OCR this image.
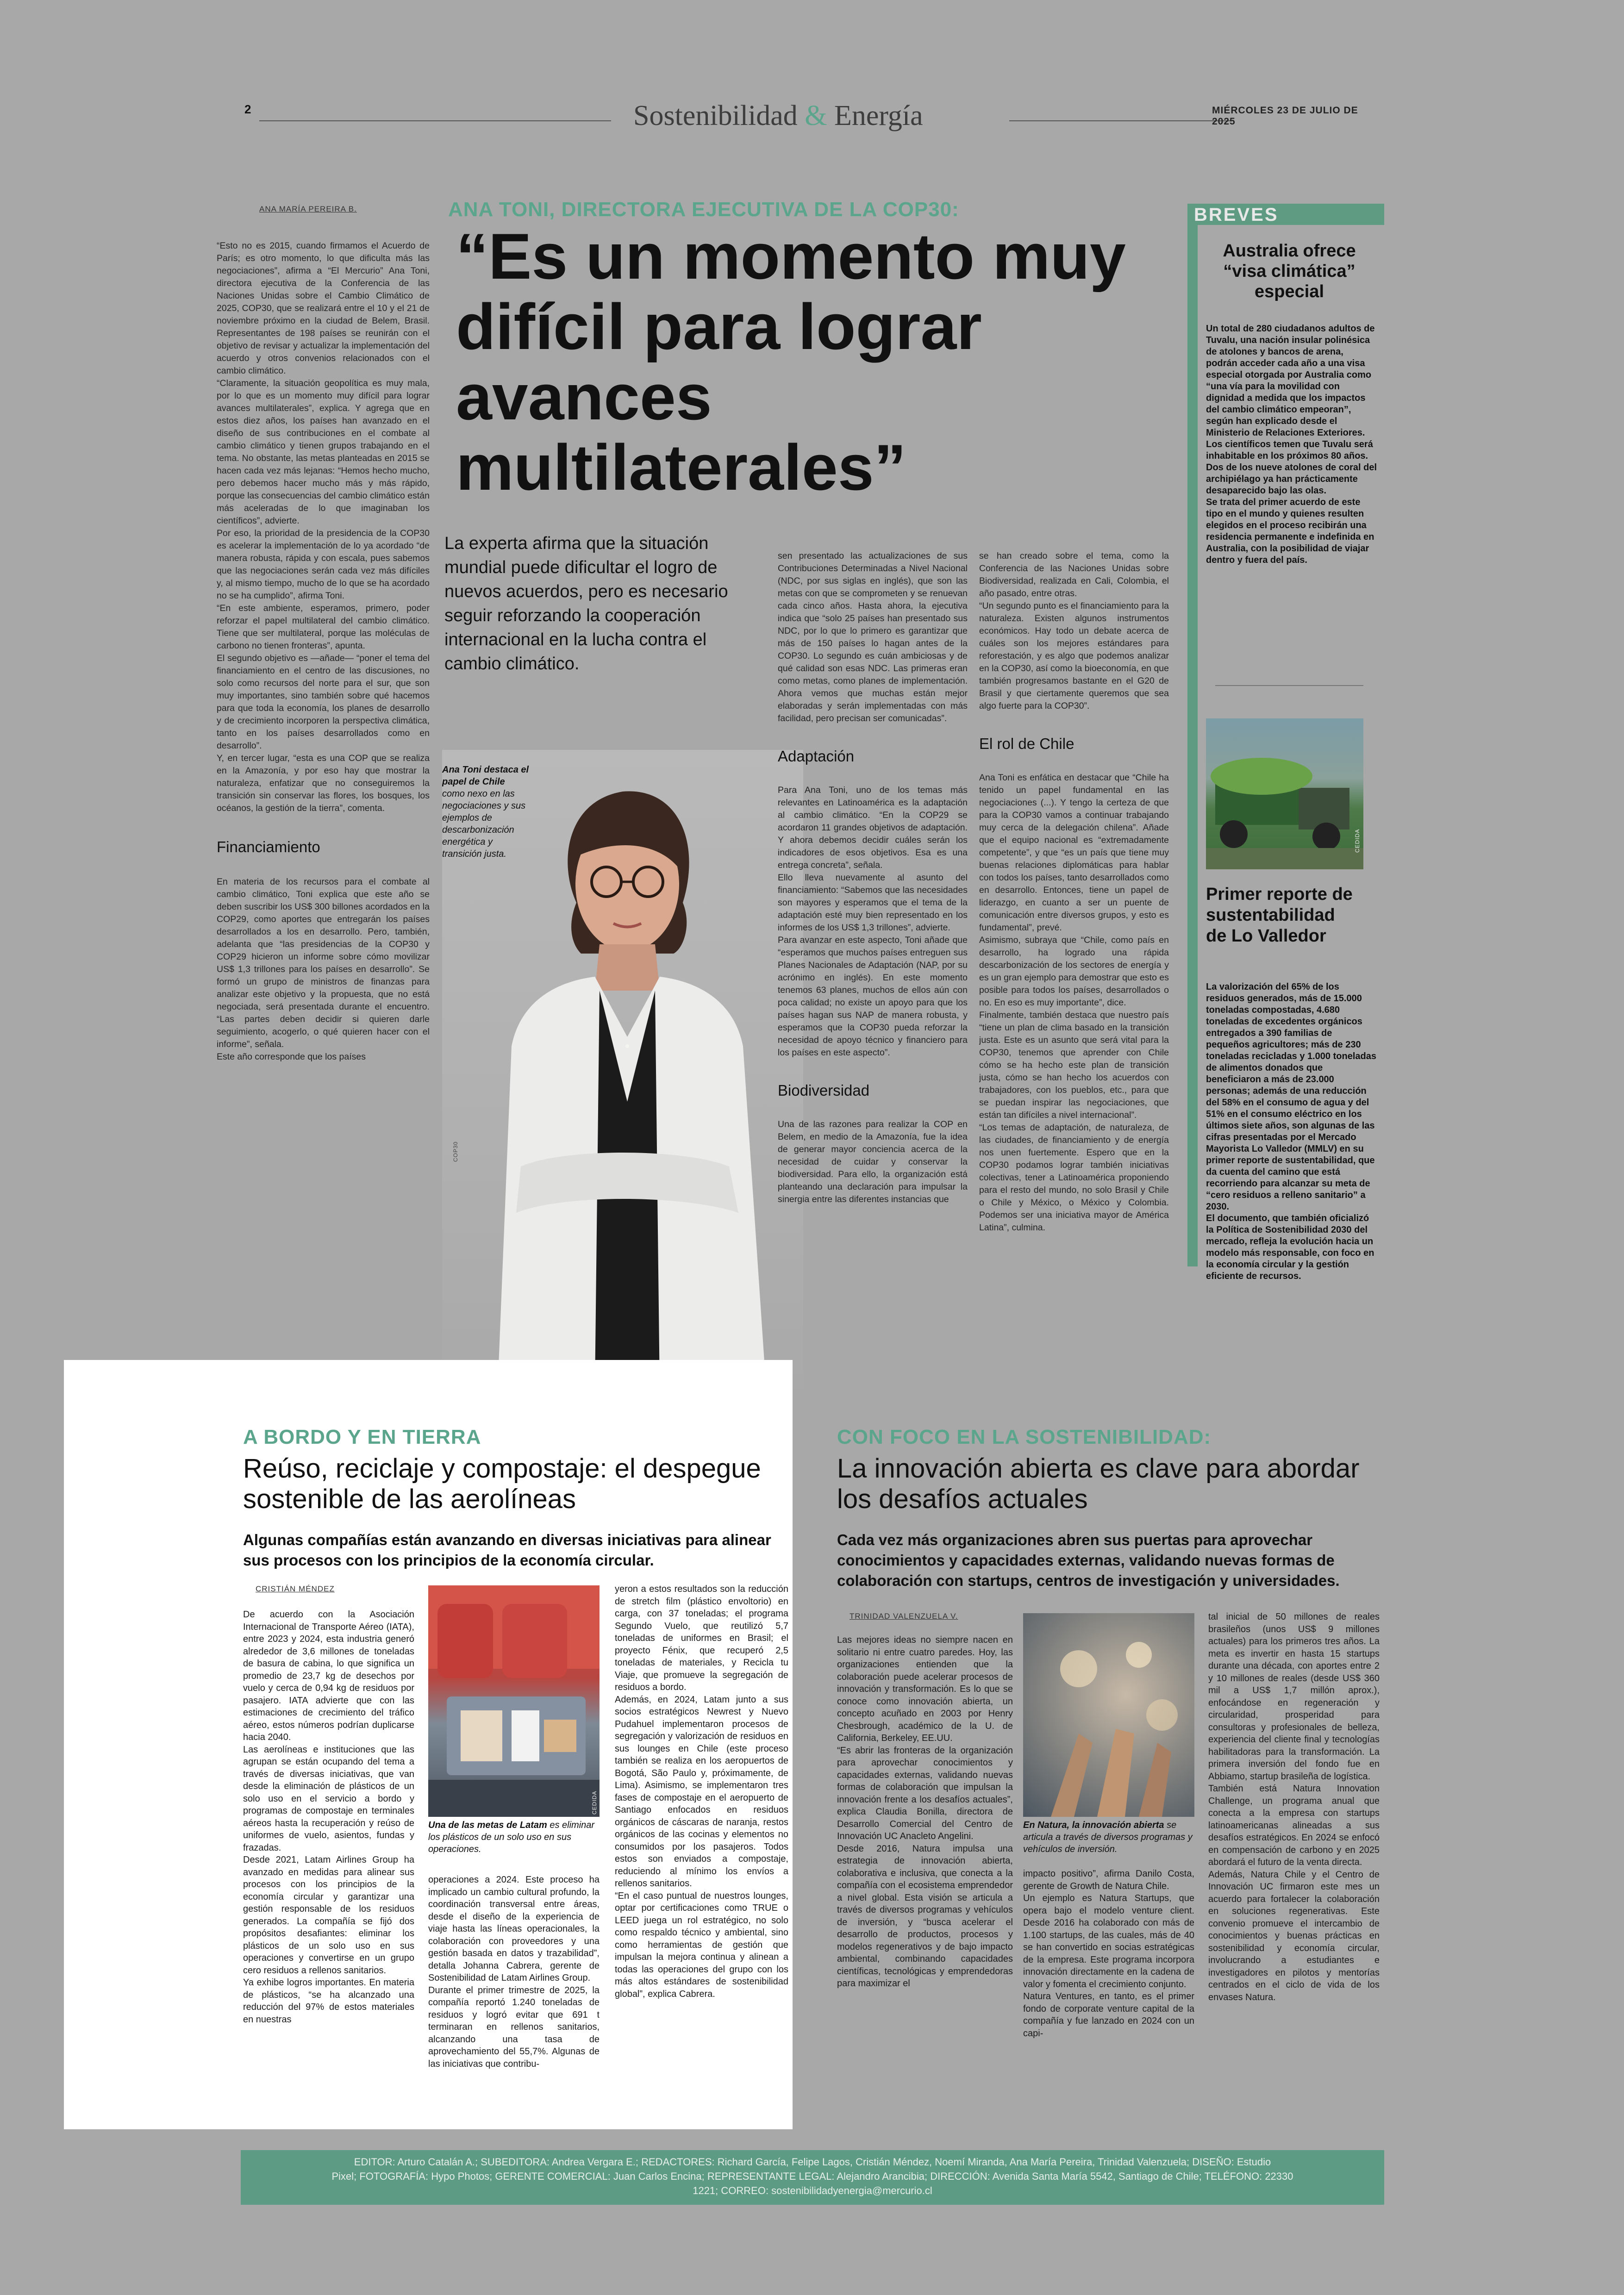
2	Sostenibilidad & Energía	MIÉRCOLES 23 DE JULIO DE 2025
ANA MARÍA PEREIRA B.	ANA TONI, DIRECTORA EJECUTIVA DE LA COP30:
“Es un momento muy difícil para lograr avances multilaterales”

“Esto no es 2015, cuando firmamos el Acuerdo de París; es otro momento, lo que dificulta más las negociaciones”, afirma a “El Mercurio” Ana Toni, directora ejecutiva de la Conferencia de las Naciones Unidas sobre el Cambio Climático de 2025, COP30, que se realizará entre el 10 y el 21 de noviembre próximo en la ciudad de Belem, Brasil. Representantes de 198 países se reunirán con el objetivo de revisar y actualizar la implementación del acuerdo y otros convenios relacionados con el cambio climático.
“Claramente, la situación geopolítica es muy mala, por lo que es un momento muy difícil para lograr avances multilaterales”, explica. Y agrega que en estos diez años, los países han avanzado en el diseño de sus contribuciones en el combate al cambio climático y tienen grupos trabajando en el tema. No obstante, las metas planteadas en 2015 se hacen cada vez más lejanas: “Hemos hecho mucho, pero debemos hacer mucho más y más rápido, porque las consecuencias del cambio climático están más aceleradas de lo que imaginaban los científicos”, advierte.
Por eso, la prioridad de la presidencia de la COP30 es acelerar la implementación de lo ya acordado “de manera robusta, rápida y con escala, pues sabemos que las negociaciones serán cada vez más difíciles y, al mismo tiempo, mucho de lo que se ha acordado no se ha cumplido”, afirma Toni.
“En este ambiente, esperamos, primero, poder reforzar el papel multilateral del cambio climático. Tiene que ser multilateral, porque las moléculas de carbono no tienen fronteras”, apunta.
El segundo objetivo es —añade— “poner el tema del financiamiento en el centro de las discusiones, no solo como recursos del norte para el sur, que son muy importantes, sino también sobre qué hacemos para que toda la economía, los planes de desarrollo y de crecimiento incorporen la perspectiva climática, tanto en los países desarrollados como en desarrollo”.
Y, en tercer lugar, “esta es una COP que se realiza en la Amazonía, y por eso hay que mostrar la naturaleza, enfatizar que no conseguiremos la transición sin conservar las flores, los bosques, los océanos, la gestión de la tierra”, comenta.

Financiamiento

En materia de los recursos para el combate al cambio climático, Toni explica que este año se deben suscribir los US$ 300 billones acordados en la COP29, como aportes que entregarán los países desarrollados a los en desarrollo. Pero, también, adelanta que “las presidencias de la COP30 y COP29 hicieron un informe sobre cómo movilizar US$ 1,3 trillones para los países en desarrollo”. Se formó un grupo de ministros de finanzas para analizar este objetivo y la propuesta, que no está negociada, será presentada durante el encuentro. “Las partes deben decidir si quieren darle seguimiento, acogerlo, o qué quieren hacer con el informe”, señala.
Este año corresponde que los países

La experta afirma que la situación mundial puede dificultar el logro de nuevos acuerdos, pero es necesario seguir reforzando la cooperación internacional en la lucha contra el cambio climático.
Ana Toni destaca el papel de Chile como nexo en las negociaciones y sus ejemplos de descarbonización energética y transición justa.
COP30

sen presentado las actualizaciones de sus Contribuciones Determinadas a Nivel Nacional (NDC, por sus siglas en inglés), que son las metas con que se comprometen y se renuevan cada cinco años. Hasta ahora, la ejecutiva indica que “solo 25 países han presentado sus NDC, por lo que lo primero es garantizar que más de 150 países lo hagan antes de la COP30. Lo segundo es cuán ambiciosas y de qué calidad son esas NDC. Las primeras eran como metas, como planes de implementación. Ahora vemos que muchas están mejor elaboradas y serán implementadas con más facilidad, pero precisan ser comunicadas”.

Adaptación

Para Ana Toni, uno de los temas más relevantes en Latinoamérica es la adaptación al cambio climático. “En la COP29 se acordaron 11 grandes objetivos de adaptación. Y ahora debemos decidir cuáles serán los indicadores de esos objetivos. Esa es una entrega concreta”, señala.
Ello lleva nuevamente al asunto del financiamiento: “Sabemos que las necesidades son mayores y esperamos que el tema de la adaptación esté muy bien representado en los informes de los US$ 1,3 trillones”, advierte.
Para avanzar en este aspecto, Toni añade que “esperamos que muchos países entreguen sus Planes Nacionales de Adaptación (NAP, por su acrónimo en inglés). En este momento tenemos 63 planes, muchos de ellos aún con poca calidad; no existe un apoyo para que los países hagan sus NAP de manera robusta, y esperamos que la COP30 pueda reforzar la necesidad de apoyo técnico y financiero para los países en este aspecto”.

Biodiversidad

Una de las razones para realizar la COP en Belem, en medio de la Amazonía, fue la idea de generar mayor conciencia acerca de la necesidad de cuidar y conservar la biodiversidad. Para ello, la organización está planteando una declaración para impulsar la sinergia entre las diferentes instancias que

se han creado sobre el tema, como la Conferencia de las Naciones Unidas sobre Biodiversidad, realizada en Cali, Colombia, el año pasado, entre otras.
“Un segundo punto es el financiamiento para la naturaleza. Existen algunos instrumentos económicos. Hay todo un debate acerca de cuáles son los mejores estándares para reforestación, y es algo que podemos analizar en la COP30, así como la bioeconomía, en que también progresamos bastante en el G20 de Brasil y que ciertamente queremos que sea algo fuerte para la COP30”.

El rol de Chile

Ana Toni es enfática en destacar que “Chile ha tenido un papel fundamental en las negociaciones (...). Y tengo la certeza de que para la COP30 vamos a continuar trabajando muy cerca de la delegación chilena”. Añade que el equipo nacional es “extremadamente competente”, y que “es un país que tiene muy buenas relaciones diplomáticas para hablar con todos los países, tanto desarrollados como en desarrollo. Entonces, tiene un papel de liderazgo, en cuanto a ser un puente de comunicación entre diversos grupos, y esto es fundamental”, prevé.
Asimismo, subraya que “Chile, como país en desarrollo, ha logrado una rápida descarbonización de los sectores de energía y es un gran ejemplo para demostrar que esto es posible para todos los países, desarrollados o no. En eso es muy importante”, dice.
Finalmente, también destaca que nuestro país “tiene un plan de clima basado en la transición justa. Este es un asunto que será vital para la COP30, tenemos que aprender con Chile cómo se ha hecho este plan de transición justa, cómo se han hecho los acuerdos con trabajadores, con los pueblos, etc., para que se puedan inspirar las negociaciones, que están tan difíciles a nivel internacional”.
“Los temas de adaptación, de naturaleza, de las ciudades, de financiamiento y de energía nos unen fuertemente. Espero que en la COP30 podamos lograr también iniciativas colectivas, tener a Latinoamérica proponiendo para el resto del mundo, no solo Brasil y Chile o Chile y México, o México y Colombia. Podemos ser una iniciativa mayor de América Latina”, culmina.

BREVES
Australia ofrece “visa climática” especial
Un total de 280 ciudadanos adultos de Tuvalu, una nación insular polinésica de atolones y bancos de arena, podrán acceder cada año a una visa especial otorgada por Australia como “una vía para la movilidad con dignidad a medida que los impactos del cambio climático empeoran”, según han explicado desde el Ministerio de Relaciones Exteriores. Los científicos temen que Tuvalu será inhabitable en los próximos 80 años. Dos de los nueve atolones de coral del archipiélago ya han prácticamente desaparecido bajo las olas.
Se trata del primer acuerdo de este tipo en el mundo y quienes resulten elegidos en el proceso recibirán una residencia permanente e indefinida en Australia, con la posibilidad de viajar dentro y fuera del país.
CEDIDA
Primer reporte de sustentabilidad de Lo Valledor
La valorización del 65% de los residuos generados, más de 15.000 toneladas compostadas, 4.680 toneladas de excedentes orgánicos entregados a 390 familias de pequeños agricultores; más de 230 toneladas recicladas y 1.000 toneladas de alimentos donados que beneficiaron a más de 23.000 personas; además de una reducción del 58% en el consumo de agua y del 51% en el consumo eléctrico en los últimos siete años, son algunas de las cifras presentadas por el Mercado Mayorista Lo Valledor (MMLV) en su primer reporte de sustentabilidad, que da cuenta del camino que está recorriendo para alcanzar su meta de “cero residuos a relleno sanitario” a 2030.
El documento, que también oficializó la Política de Sostenibilidad 2030 del mercado, refleja la evolución hacia un modelo más responsable, con foco en la economía circular y la gestión eficiente de recursos.
A BORDO Y EN TIERRA
Reúso, reciclaje y compostaje: el despegue sostenible de las aerolíneas
Algunas compañías están avanzando en diversas iniciativas para alinear sus procesos con los principios de la economía circular.
CRISTIÁN MÉNDEZ
De acuerdo con la Asociación Internacional de Transporte Aéreo (IATA), entre 2023 y 2024, esta industria generó alrededor de 3,6 millones de toneladas de basura de cabina, lo que significa un promedio de 23,7 kg de desechos por vuelo y cerca de 0,94 kg de residuos por pasajero. IATA advierte que con las estimaciones de crecimiento del tráfico aéreo, estos números podrían duplicarse hacia 2040.
Las aerolíneas e instituciones que las agrupan se están ocupando del tema a través de diversas iniciativas, que van desde la eliminación de plásticos de un solo uso en el servicio a bordo y programas de compostaje en terminales aéreos hasta la recuperación y reúso de uniformes de vuelo, asientos, fundas y frazadas.
Desde 2021, Latam Airlines Group ha avanzado en medidas para alinear sus procesos con los principios de la economía circular y garantizar una gestión responsable de los residuos generados. La compañía se fijó dos propósitos desafiantes: eliminar los plásticos de un solo uso en sus operaciones y convertirse en un grupo cero residuos a rellenos sanitarios.
Ya exhibe logros importantes. En materia de plásticos, “se ha alcanzado una reducción del 97% de estos materiales en nuestras
CEDIDA
Una de las metas de Latam es eliminar los plásticos de un solo uso en sus operaciones.
operaciones a 2024. Este proceso ha implicado un cambio cultural profundo, la coordinación transversal entre áreas, desde el diseño de la experiencia de viaje hasta las líneas operacionales, la colaboración con proveedores y una gestión basada en datos y trazabilidad”, detalla Johanna Cabrera, gerente de Sostenibilidad de Latam Airlines Group.
Durante el primer trimestre de 2025, la compañía reportó 1.240 toneladas de residuos y logró evitar que 691 t terminaran en rellenos sanitarios, alcanzando una tasa de aprovechamiento del 55,7%. Algunas de las iniciativas que contribu-
yeron a estos resultados son la reducción de stretch film (plástico envoltorio) en carga, con 37 toneladas; el programa Segundo Vuelo, que reutilizó 5,7 toneladas de uniformes en Brasil; el proyecto Fénix, que recuperó 2,5 toneladas de materiales, y Recicla tu Viaje, que promueve la segregación de residuos a bordo.
Además, en 2024, Latam junto a sus socios estratégicos Newrest y Nuevo Pudahuel implementaron procesos de segregación y valorización de residuos en sus lounges en Chile (este proceso también se realiza en los aeropuertos de Bogotá, São Paulo y, próximamente, de Lima). Asimismo, se implementaron tres fases de compostaje en el aeropuerto de Santiago enfocados en residuos orgánicos de cáscaras de naranja, restos orgánicos de las cocinas y elementos no consumidos por los pasajeros. Todos estos son enviados a compostaje, reduciendo al mínimo los envíos a rellenos sanitarios.
“En el caso puntual de nuestros lounges, optar por certificaciones como TRUE o LEED juega un rol estratégico, no solo como respaldo técnico y ambiental, sino como herramientas de gestión que impulsan la mejora continua y alinean a todas las operaciones del grupo con los más altos estándares de sostenibilidad global”, explica Cabrera.
CON FOCO EN LA SOSTENIBILIDAD:
La innovación abierta es clave para abordar los desafíos actuales
Cada vez más organizaciones abren sus puertas para aprovechar conocimientos y capacidades externas, validando nuevas formas de colaboración con startups, centros de investigación y universidades.
TRINIDAD VALENZUELA V.
Las mejores ideas no siempre nacen en solitario ni entre cuatro paredes. Hoy, las organizaciones entienden que la colaboración puede acelerar procesos de innovación y transformación. Es lo que se conoce como innovación abierta, un concepto acuñado en 2003 por Henry Chesbrough, académico de la U. de California, Berkeley, EE.UU.
“Es abrir las fronteras de la organización para aprovechar conocimientos y capacidades externas, validando nuevas formas de colaboración que impulsan la innovación frente a los desafíos actuales”, explica Claudia Bonilla, directora de Desarrollo Comercial del Centro de Innovación UC Anacleto Angelini.
Desde 2016, Natura impulsa una estrategia de innovación abierta, colaborativa e inclusiva, que conecta a la compañía con el ecosistema emprendedor a nivel global. Esta visión se articula a través de diversos programas y vehículos de inversión, y “busca acelerar el desarrollo de productos, procesos y modelos regenerativos y de bajo impacto ambiental, combinando capacidades científicas, tecnológicas y emprendedoras para maximizar el
En Natura, la innovación abierta se articula a través de diversos programas y vehículos de inversión.
impacto positivo”, afirma Danilo Costa, gerente de Growth de Natura Chile.
Un ejemplo es Natura Startups, que opera bajo el modelo venture client. Desde 2016 ha colaborado con más de 1.100 startups, de las cuales, más de 40 se han convertido en socias estratégicas de la empresa. Este programa incorpora innovación directamente en la cadena de valor y fomenta el crecimiento conjunto.
Natura Ventures, en tanto, es el primer fondo de corporate venture capital de la compañía y fue lanzado en 2024 con un capi-
tal inicial de 50 millones de reales brasileños (unos US$ 9 millones actuales) para los primeros tres años. La meta es invertir en hasta 15 startups durante una década, con aportes entre 2 y 10 millones de reales (desde US$ 360 mil a US$ 1,7 millón aprox.), enfocándose en regeneración y circularidad, prosperidad para consultoras y profesionales de belleza, experiencia del cliente final y tecnologías habilitadoras para la transformación. La primera inversión del fondo fue en Abbiamo, startup brasileña de logística.
También está Natura Innovation Challenge, un programa anual que conecta a la empresa con startups latinoamericanas alineadas a sus desafíos estratégicos. En 2024 se enfocó en compensación de carbono y en 2025 abordará el futuro de la venta directa.
Además, Natura Chile y el Centro de Innovación UC firmaron este mes un acuerdo para fortalecer la colaboración en soluciones regenerativas. Este convenio promueve el intercambio de conocimientos y buenas prácticas en sostenibilidad y economía circular, involucrando a estudiantes e investigadores en pilotos y mentorías centrados en el ciclo de vida de los envases Natura.
EDITOR: Arturo Catalán A.; SUBEDITORA: Andrea Vergara E.; REDACTORES: Richard García, Felipe Lagos, Cristián Méndez, Noemí Miranda, Ana María Pereira, Trinidad Valenzuela; DISEÑO: Estudio
Pixel; FOTOGRAFÍA: Hypo Photos; GERENTE COMERCIAL: Juan Carlos Encina; REPRESENTANTE LEGAL: Alejandro Arancibia; DIRECCIÓN: Avenida Santa María 5542, Santiago de Chile; TELÉFONO: 22330
1221; CORREO: sostenibilidadyenergia@mercurio.cl
